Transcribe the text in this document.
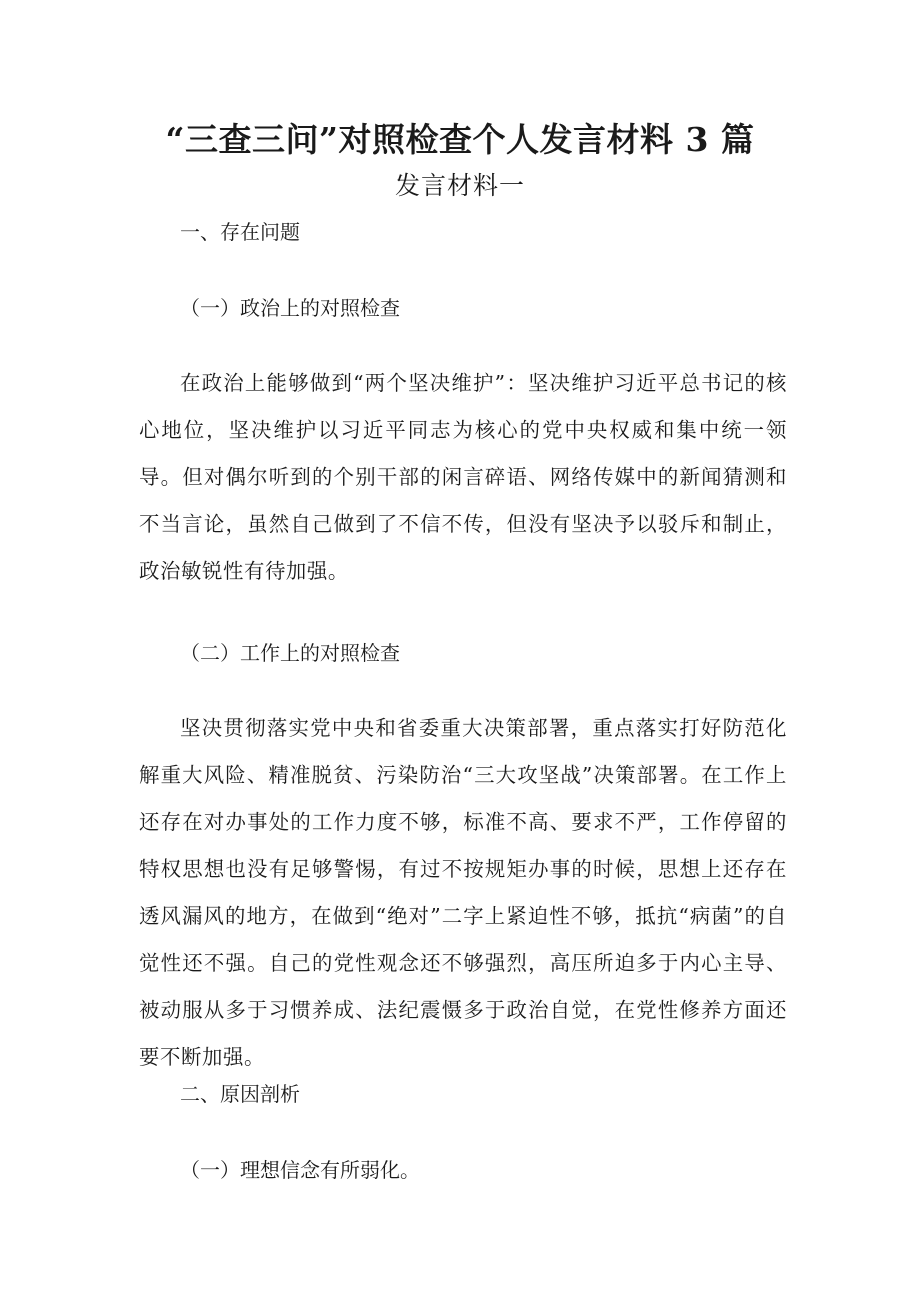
“三查三问”对照检查个人发言材料 3 篇
发言材料一
一、存在问题
（一）政治上的对照检查
在政治上能够做到“两个坚决维护”：坚决维护习近平总书记的核心地位，坚决维护以习近平同志为核心的党中央权威和集中统一领导。但对偶尔听到的个别干部的闲言碎语、网络传媒中的新闻猜测和不当言论，虽然自己做到了不信不传，但没有坚决予以驳斥和制止，政治敏锐性有待加强。
（二）工作上的对照检查
坚决贯彻落实党中央和省委重大决策部署，重点落实打好防范化解重大风险、精准脱贫、污染防治“三大攻坚战”决策部署。在工作上还存在对办事处的工作力度不够，标准不高、要求不严，工作停留的特权思想也没有足够警惕，有过不按规矩办事的时候，思想上还存在透风漏风的地方，在做到“绝对”二字上紧迫性不够，抵抗“病菌”的自觉性还不强。自己的党性观念还不够强烈，高压所迫多于内心主导、被动服从多于习惯养成、法纪震慑多于政治自觉，在党性修养方面还要不断加强。
二、原因剖析
（一）理想信念有所弱化。
